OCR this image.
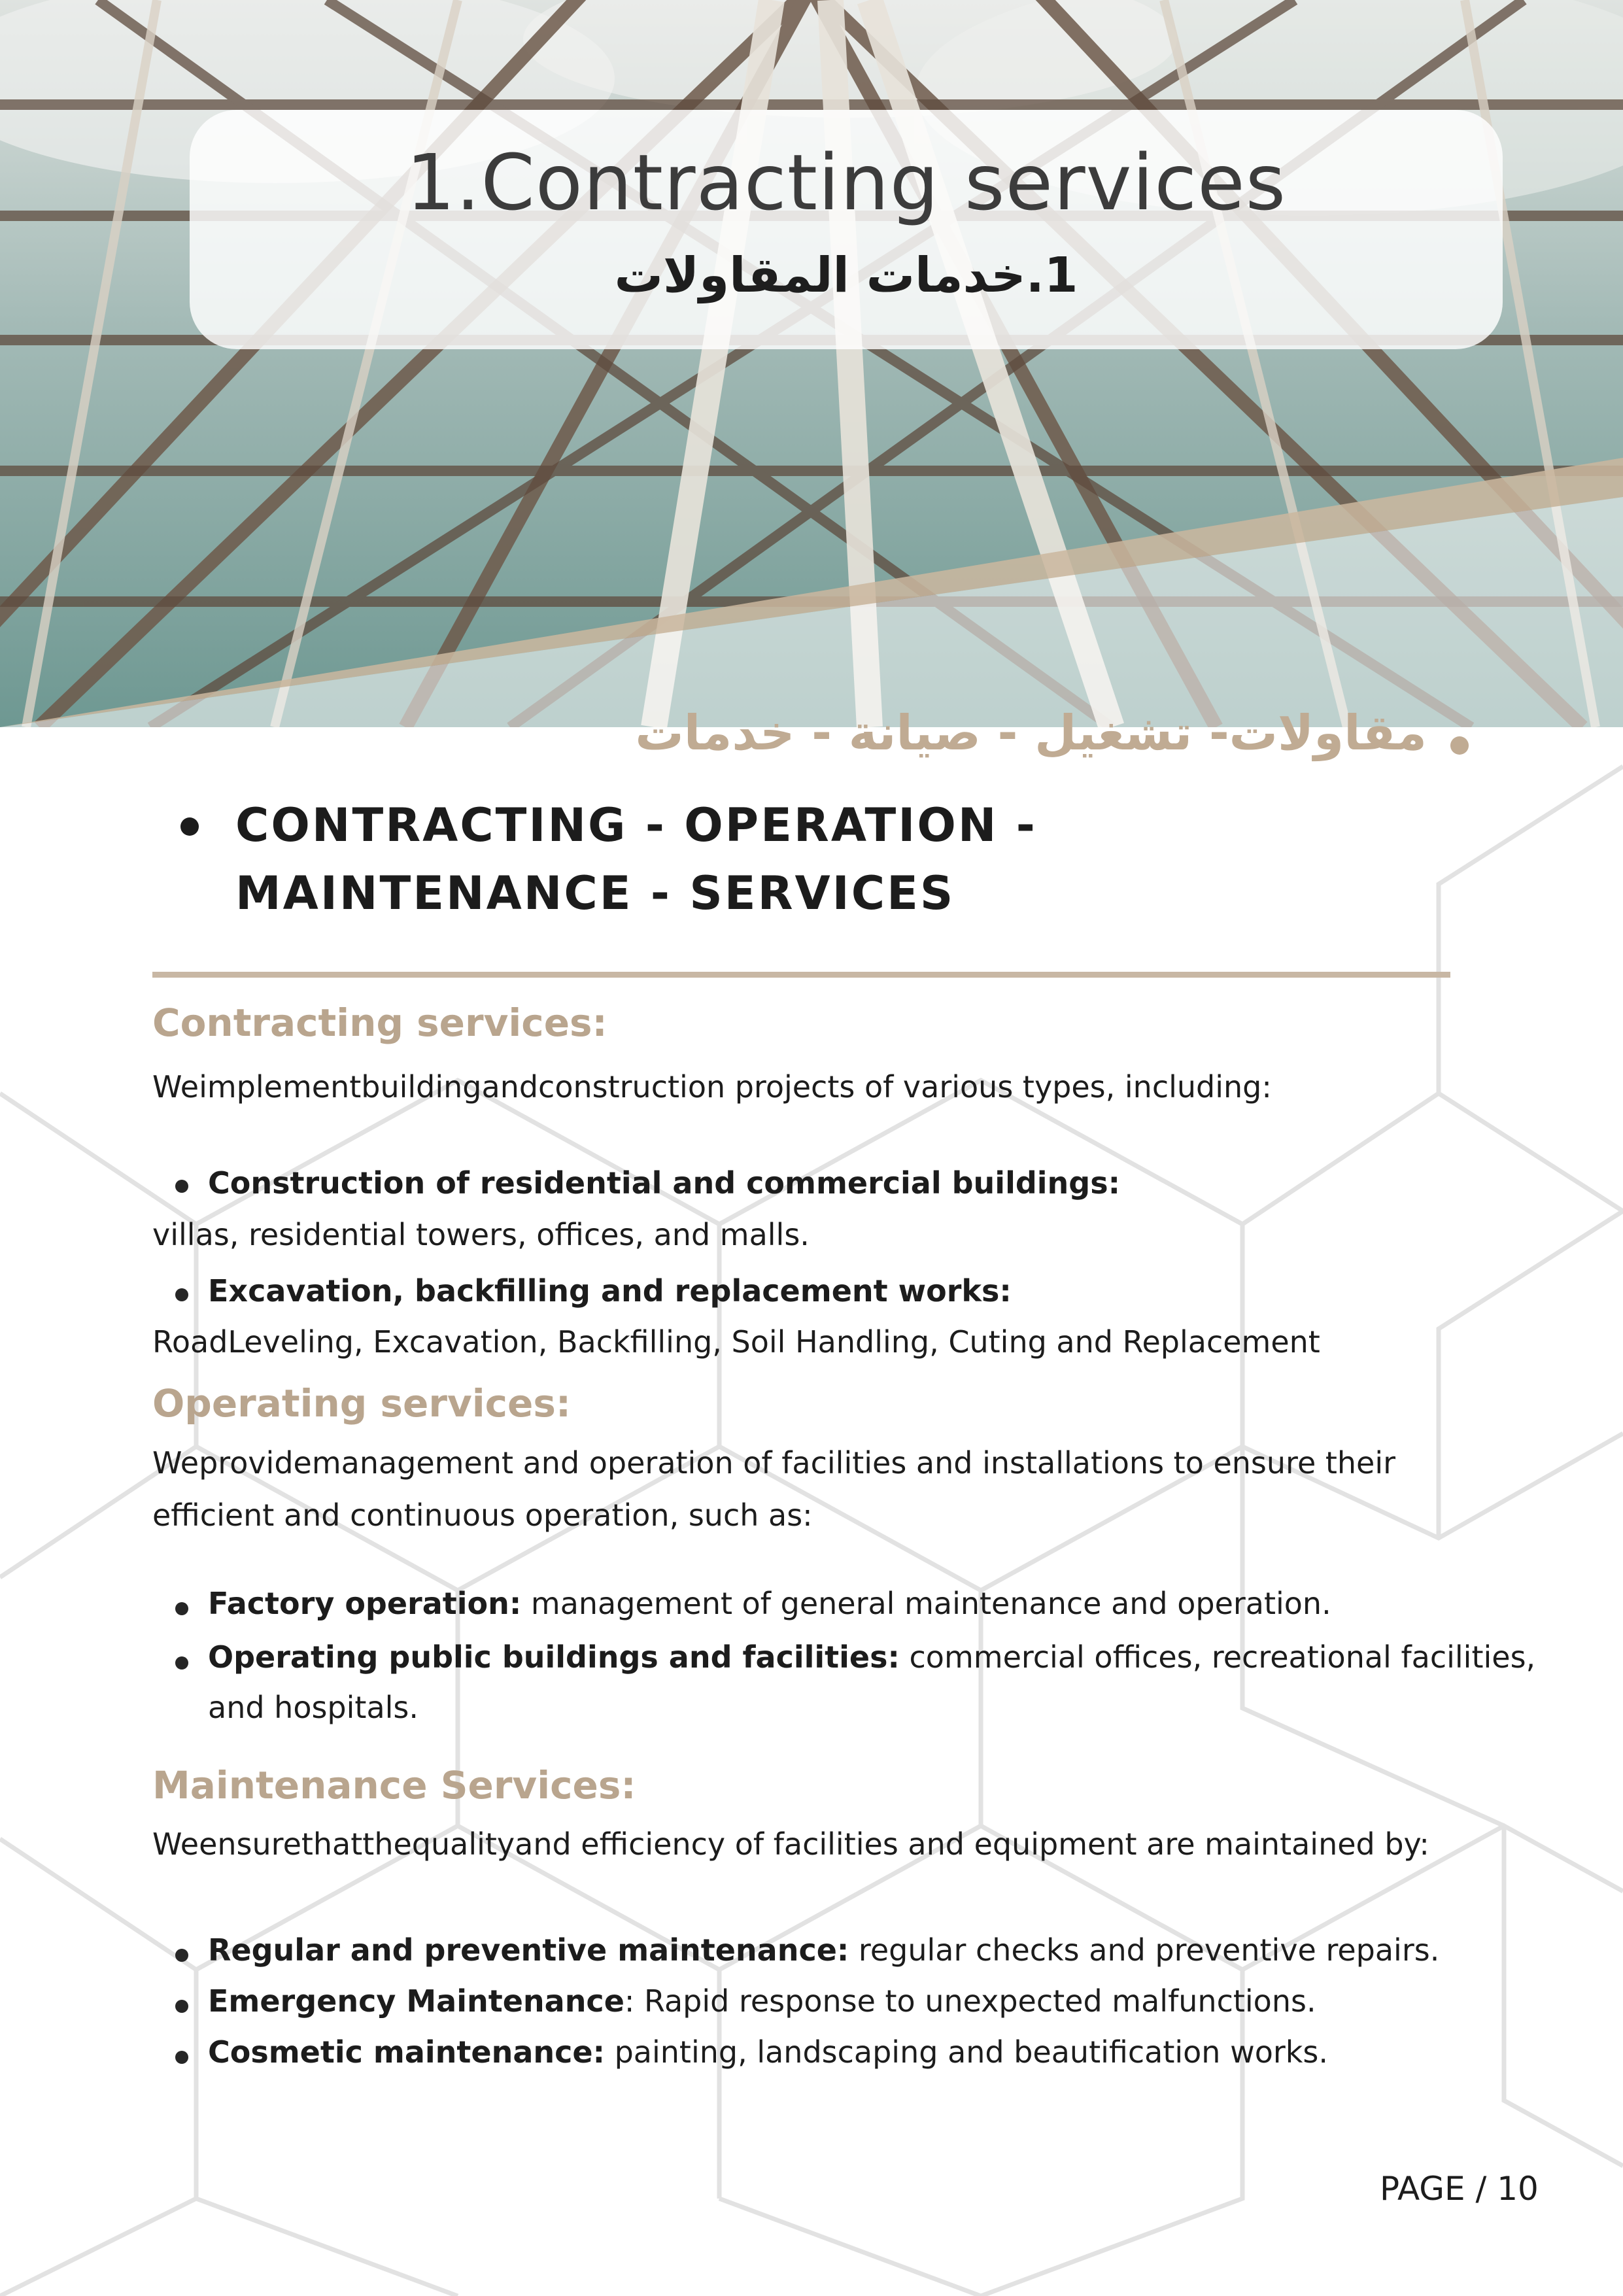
1.Contracting services
1.خدمات المقاولات
مقاولات- تشغيل - صيانة - خدمات
CONTRACTING - OPERATION - MAINTENANCE - SERVICES
Contracting services:
Weimplementbuildingandconstruction projects of various types, including:
Construction of residential and commercial buildings:
villas, residential towers, offices, and malls.
Excavation, backfilling and replacement works:
RoadLeveling, Excavation, Backfilling, Soil Handling, Cuting and Replacement
Operating services:
Weprovidemanagement and operation of facilities and installations to ensure their
efficient and continuous operation, such as:
Factory operation: management of general maintenance and operation.
Operating public buildings and facilities: commercial offices, recreational facilities,
and hospitals.
Maintenance Services:
Weensurethatthequalityand efficiency of facilities and equipment are maintained by:
Regular and preventive maintenance: regular checks and preventive repairs.
Emergency Maintenance: Rapid response to unexpected malfunctions.
Cosmetic maintenance: painting, landscaping and beautification works.
PAGE / 10
